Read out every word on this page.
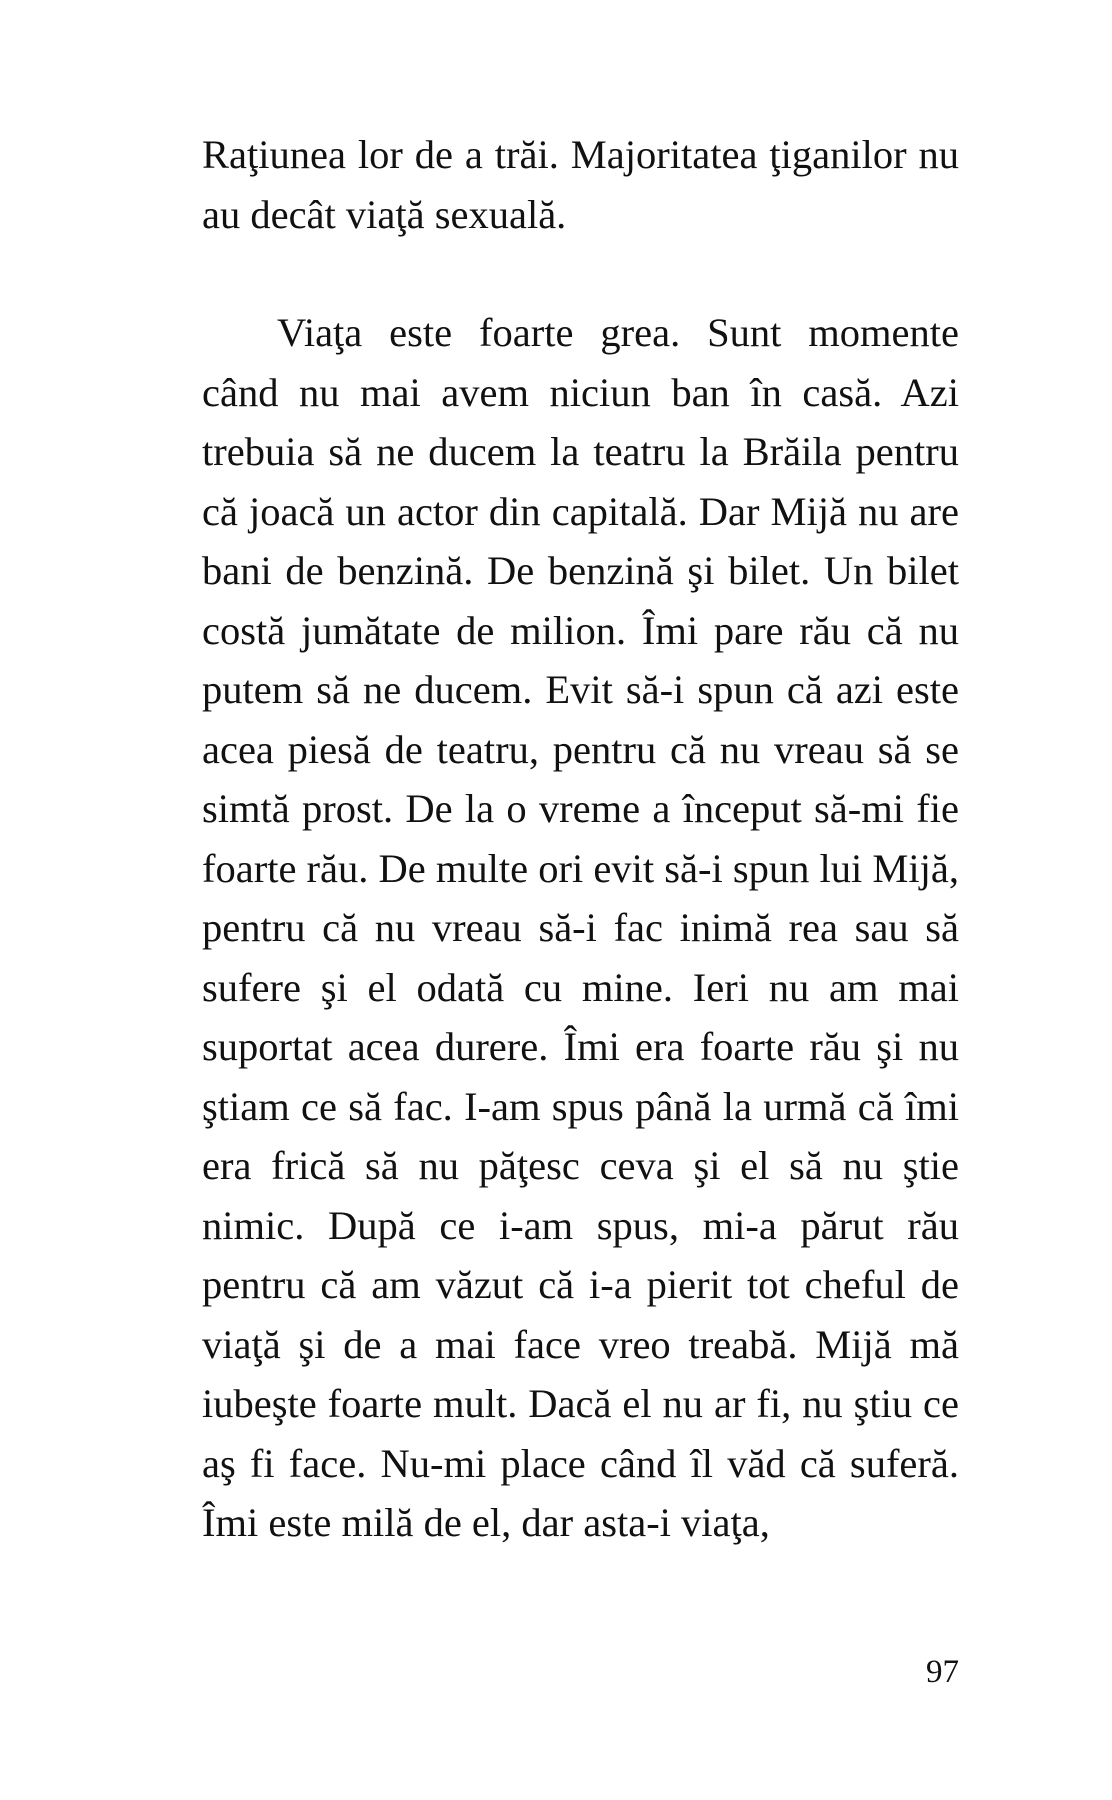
Raţiunea lor de a trăi. Majoritatea ţiganilor nu au decât viaţă sexuală.

Viaţa este foarte grea. Sunt momente când nu mai avem niciun ban în casă. Azi trebuia să ne ducem la teatru la Brăila pentru că joacă un actor din capitală. Dar Mijă nu are bani de benzină. De benzină şi bilet. Un bilet costă jumătate de milion. Îmi pare rău că nu putem să ne ducem. Evit să-i spun că azi este acea piesă de teatru, pentru că nu vreau să se simtă prost. De la o vreme a început să-mi fie foarte rău. De multe ori evit să-i spun lui Mijă, pentru că nu vreau să-i fac inimă rea sau să sufere şi el odată cu mine. Ieri nu am mai suportat acea durere. Îmi era foarte rău şi nu ştiam ce să fac. I-am spus până la urmă că îmi era frică să nu păţesc ceva şi el să nu ştie nimic. După ce i-am spus, mi-a părut rău pentru că am văzut că i-a pierit tot cheful de viaţă şi de a mai face vreo treabă. Mijă mă iubeşte foarte mult. Dacă el nu ar fi, nu ştiu ce aş fi face. Nu-mi place când îl văd că suferă. Îmi este milă de el, dar asta-i viaţa,

97
